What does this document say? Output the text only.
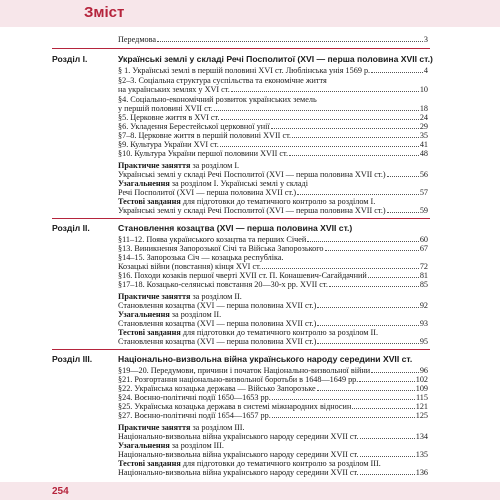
Зміст
Передмова	3
Розділ І.	Українські землі у складі Речі Посполитої (XVI — перша половина XVII ст.)
§ 1. Українські землі в першій половині XVI ст. Люблінська унія 1569 р.	4
§2–3. Соціальна структура суспільства та економічне життя
на українських землях у XVI ст.	10
§4. Соціально-економічний розвиток українських земель
у першій половині XVII ст.	18
§5. Церковне життя в XVI ст.	24
§6. Укладення Берестейської церковної унії	29
§7–8. Церковне життя в першій половині XVII ст.	35
§9. Культура України XVI ст.	41
§10. Культура України першої половини XVII ст.	48
Практичне заняття за розділом І.
Українські землі у складі Речі Посполитої (XVI — перша половина XVII ст.)	56
Узагальнення за розділом І. Українські землі у складі
Речі Посполитої (XVI — перша половина XVII ст.)	57
Тестові завдання для підготовки до тематичного контролю за розділом І.
Українські землі у складі Речі Посполитої (XVI — перша половина XVII ст.)	59
Розділ ІІ.	Становлення козацтва (XVI — перша половина XVII ст.)
§11–12. Поява українського козацтва та перших Січей	60
§13. Виникнення Запорозької Січі та Війська Запорозького	67
§14–15. Запорозька Січ — козацька республіка.
Козацькі війни (повстання) кінця XVI ст.	72
§16. Походи козаків першої чверті XVII ст. П. Конашевич-Сагайдачний	81
§17–18. Козацько-селянські повстання 20—30-х рр. XVII ст.	85
Практичне заняття за розділом ІІ.
Становлення козацтва (XVI — перша половина XVII ст.)	92
Узагальнення за розділом ІІ.
Становлення козацтва (XVI — перша половина XVII ст.)	93
Тестові завдання для підготовки до тематичного контролю за розділом ІІ.
Становлення козацтва (XVI — перша половина XVII ст.)	95
Розділ ІІІ.	Національно-визвольна війна українського народу середини XVII ст.
§19—20. Передумови, причини і початок Національно-визвольної війни	96
§21. Розгортання національно-визвольної боротьби в 1648—1649 рр.	102
§22. Українська козацька держава — Військо Запорозьке	109
§24. Воєнно-політичні події 1650—1653 рр.	115
§25. Українська козацька держава в системі міжнародних відносин	121
§27. Воєнно-політичні події 1654—1657 рр.	125
Практичне заняття за розділом ІІІ.
Національно-визвольна війна українського народу середини XVII ст.	134
Узагальнення за розділом ІІІ.
Національно-визвольна війна українського народу середини XVII ст.	135
Тестові завдання для підготовки до тематичного контролю за розділом ІІІ.
Національно-визвольна війна українського народу середини XVII ст.	136
254
